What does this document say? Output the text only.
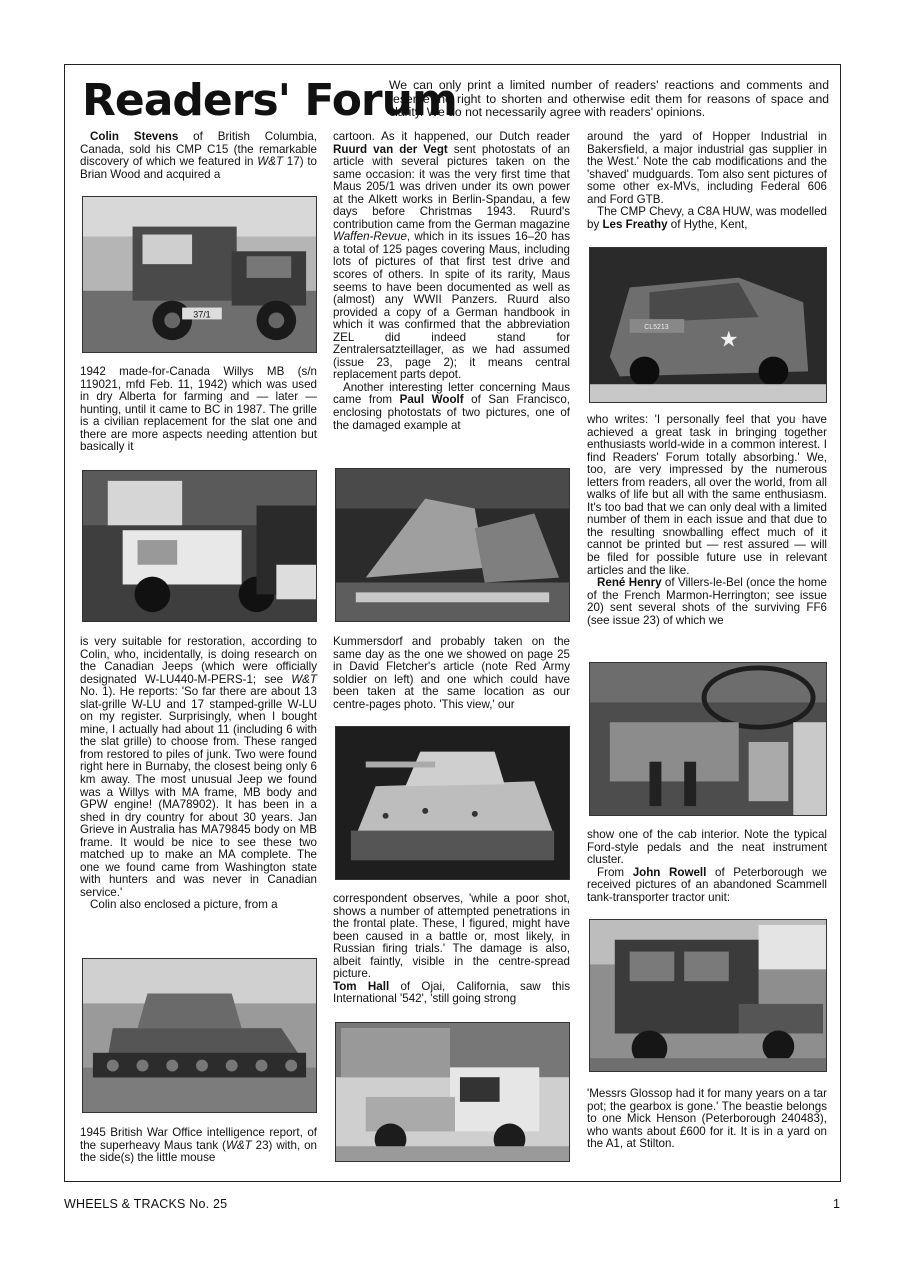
Readers' Forum
We can only print a limited number of readers' reactions and comments and reserve the right to shorten and otherwise edit them for reasons of space and clarity. We do not necessarily agree with readers' opinions.

Colin Stevens of British Columbia, Canada, sold his CMP C15 (the remarkable discovery of which we featured in W&T 17) to Brian Wood and acquired a

37/1

1942 made-for-Canada Willys MB (s/n 119021, mfd Feb. 11, 1942) which was used in dry Alberta for farming and — later — hunting, until it came to BC in 1987. The grille is a civilian replacement for the slat one and there are more aspects needing attention but basically it

is very suitable for restoration, according to Colin, who, incidentally, is doing research on the Canadian Jeeps (which were officially designated W-LU440-M-PERS-1; see W&T No. 1). He reports: 'So far there are about 13 slat-grille W-LU and 17 stamped-grille W-LU on my register. Surprisingly, when I bought mine, I actually had about 11 (including 6 with the slat grille) to choose from. These ranged from restored to piles of junk. Two were found right here in Burnaby, the closest being only 6 km away. The most unusual Jeep we found was a Willys with MA frame, MB body and GPW engine! (MA78902). It has been in a shed in dry country for about 30 years. Jan Grieve in Australia has MA79845 body on MB frame. It would be nice to see these two matched up to make an MA complete. The one we found came from Washington state with hunters and was never in Canadian service.'

Colin also enclosed a picture, from a

1945 British War Office intelligence report, of the superheavy Maus tank (W&T 23) with, on the side(s) the little mouse

cartoon. As it happened, our Dutch reader Ruurd van der Vegt sent photostats of an article with several pictures taken on the same occasion: it was the very first time that Maus 205/1 was driven under its own power at the Alkett works in Berlin-Spandau, a few days before Christmas 1943. Ruurd's contribution came from the German magazine Waffen-Revue, which in its issues 16–20 has a total of 125 pages covering Maus, including lots of pictures of that first test drive and scores of others. In spite of its rarity, Maus seems to have been documented as well as (almost) any WWII Panzers. Ruurd also provided a copy of a German handbook in which it was confirmed that the abbreviation ZEL did indeed stand for Zentralersatzteillager, as we had assumed (issue 23, page 2); it means central replacement parts depot.

Another interesting letter concerning Maus came from Paul Woolf of San Francisco, enclosing photostats of two pictures, one of the damaged example at

Kummersdorf and probably taken on the same day as the one we showed on page 25 in David Fletcher's article (note Red Army soldier on left) and one which could have been taken at the same location as our centre-pages photo. 'This view,' our

correspondent observes, 'while a poor shot, shows a number of attempted penetrations in the frontal plate. These, I figured, might have been caused in a battle or, most likely, in Russian firing trials.' The damage is also, albeit faintly, visible in the centre-spread picture.

Tom Hall of Ojai, California, saw this International '542', 'still going strong

around the yard of Hopper Industrial in Bakersfield, a major industrial gas supplier in the West.' Note the cab modifications and the 'shaved' mudguards. Tom also sent pictures of some other ex-MVs, including Federal 606 and Ford GTB.

The CMP Chevy, a C8A HUW, was modelled by Les Freathy of Hythe, Kent,

CL5213
★

who writes: 'I personally feel that you have achieved a great task in bringing together enthusiasts world-wide in a common interest. I find Readers' Forum totally absorbing.' We, too, are very impressed by the numerous letters from readers, all over the world, from all walks of life but all with the same enthusiasm. It's too bad that we can only deal with a limited number of them in each issue and that due to the resulting snowballing effect much of it cannot be printed but — rest assured — will be filed for possible future use in relevant articles and the like.

René Henry of Villers-le-Bel (once the home of the French Marmon-Herrington; see issue 20) sent several shots of the surviving FF6 (see issue 23) of which we

show one of the cab interior. Note the typical Ford-style pedals and the neat instrument cluster.

From John Rowell of Peterborough we received pictures of an abandoned Scammell tank-transporter tractor unit:

'Messrs Glossop had it for many years on a tar pot; the gearbox is gone.' The beastie belongs to one Mick Henson (Peterborough 240483), who wants about £600 for it. It is in a yard on the A1, at Stilton.

WHEELS & TRACKS No. 25	1
